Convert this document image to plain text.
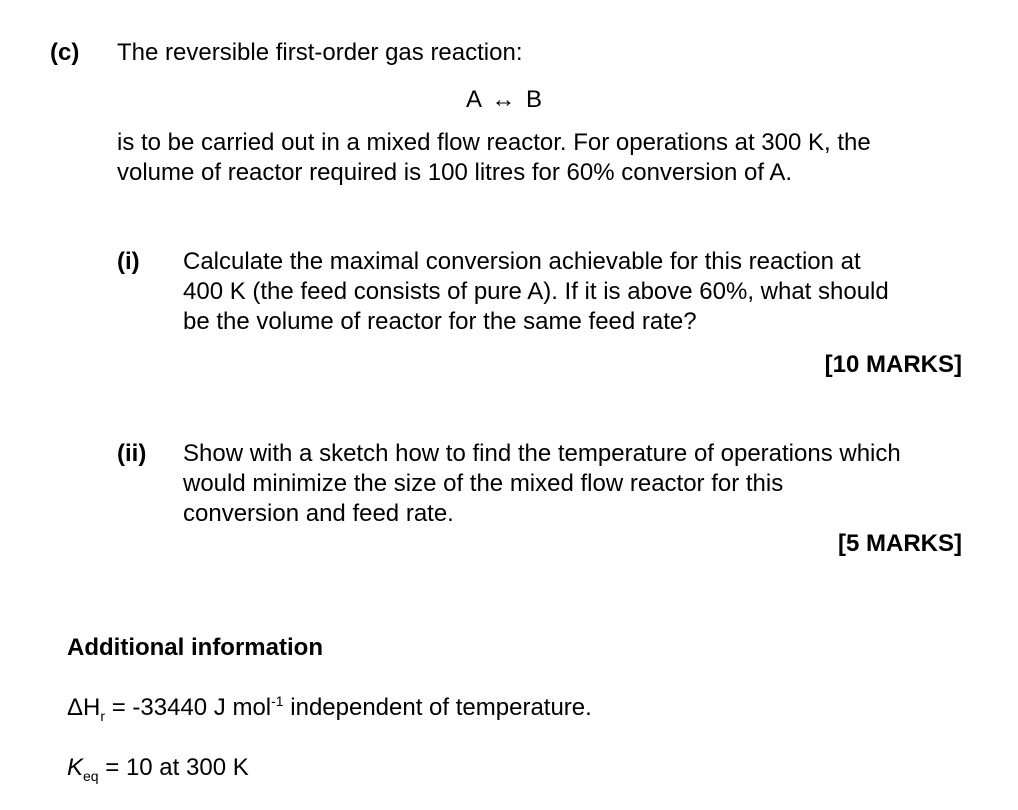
(c) The reversible first-order gas reaction:
A ↔ B
is to be carried out in a mixed flow reactor. For operations at 300 K, the
volume of reactor required is 100 litres for 60% conversion of A.
(i) Calculate the maximal conversion achievable for this reaction at
400 K (the feed consists of pure A). If it is above 60%, what should
be the volume of reactor for the same feed rate?
[10 MARKS]
(ii) Show with a sketch how to find the temperature of operations which
would minimize the size of the mixed flow reactor for this
conversion and feed rate.
[5 MARKS]
Additional information
$\Delta H_r = -33440$ J mol$^{-1}$ independent of temperature.
$K_{eq} = 10$ at 300 K
